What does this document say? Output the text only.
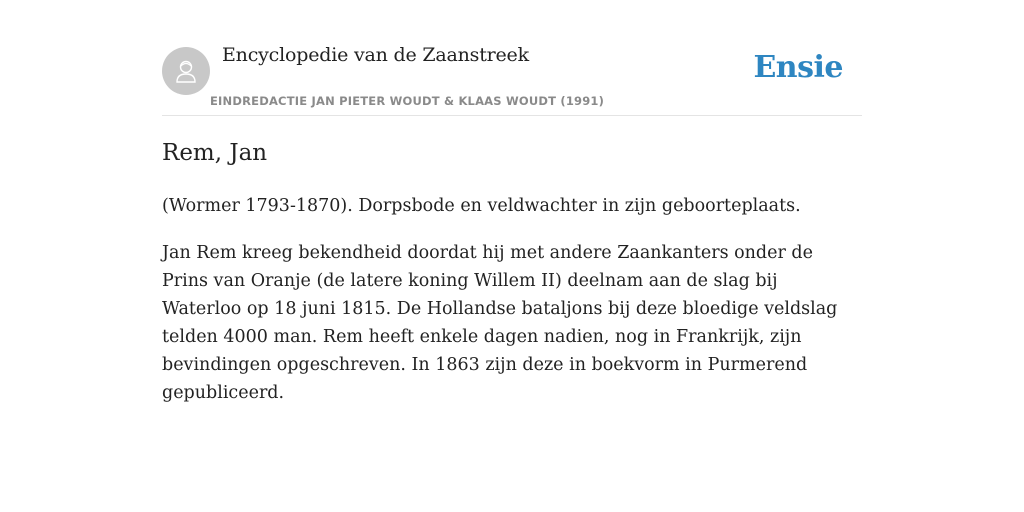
Encyclopedie van de Zaanstreek
EINDREDACTIE JAN PIETER WOUDT & KLAAS WOUDT (1991)
Ensie
Rem, Jan

(Wormer 1793-1870). Dorpsbode en veldwachter in zijn geboorteplaats.

Jan Rem kreeg bekendheid doordat hij met andere Zaankanters onder de Prins van Oranje (de latere koning Willem II) deelnam aan de slag bij Waterloo op 18 juni 1815. De Hollandse bataljons bij deze bloedige veldslag telden 4000 man. Rem heeft enkele dagen nadien, nog in Frankrijk, zijn bevindingen opgeschreven. In 1863 zijn deze in boekvorm in Purmerend gepubliceerd.
